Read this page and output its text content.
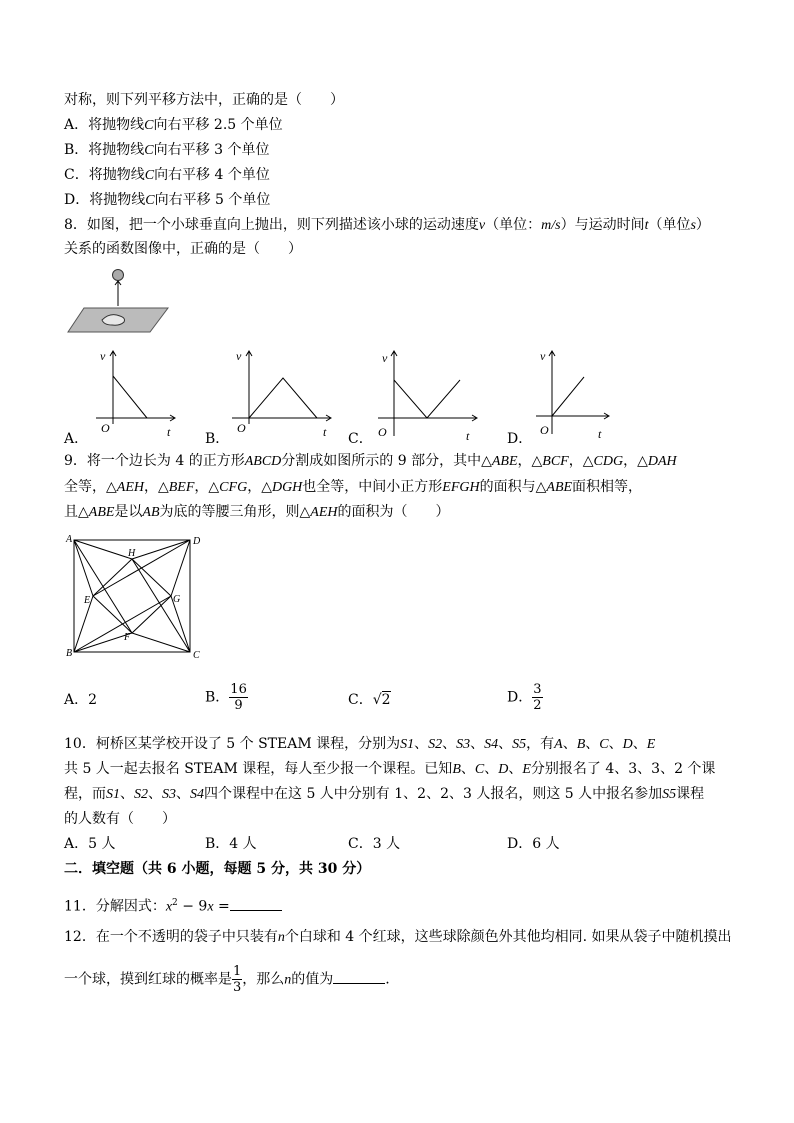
对称，则下列平移方法中，正确的是（　　）
A．将抛物线C向右平移 2.5 个单位
B．将抛物线C向右平移 3 个单位
C．将抛物线C向右平移 4 个单位
D．将抛物线C向右平移 5 个单位
8．如图，把一个小球垂直向上抛出，则下列描述该小球的运动速度v（单位：m/s）与运动时间t（单位s）
关系的函数图像中，正确的是（　　）
v
O	t
A．
v
O	t
B．
v
O	t
C．
v
O	t
D．
9．将一个边长为 4 的正方形ABCD分割成如图所示的 9 部分，其中△ABE，△BCF，△CDG，△DAH
全等，△AEH，△BEF，△CFG，△DGH也全等，中间小正方形EFGH的面积与△ABE面积相等，
且△ABE是以AB为底的等腰三角形，则△AEH的面积为（　　）
A
B	C
D
E
F
G
H
A．2	B． $\frac{16}{9}$	C．√2	D． $\frac{3}{2}$
10．柯桥区某学校开设了 5 个 STEAM 课程，分别为S1、S2、S3、S4、S5，有A、B、C、D、E
共 5 人一起去报名 STEAM 课程，每人至少报一个课程。已知B、C、D、E分别报名了 4、3、3、2 个课
程，而S1、S2、S3、S4四个课程中在这 5 人中分别有 1、2、2、3 人报名，则这 5 人中报名参加S5课程
的人数有（　　）
A．5 人	B．4 人	C．3 人	D．6 人
二．填空题（共 6 小题，每题 5 分，共 30 分）
11．分解因式：$x^2 - 9x$ =
12．在一个不透明的袋子中只装有n个白球和 4 个红球，这些球除颜色外其他均相同. 如果从袋子中随机摸出
一个球，摸到红球的概率是 $\frac{1}{3}$ ，那么n的值为	.
